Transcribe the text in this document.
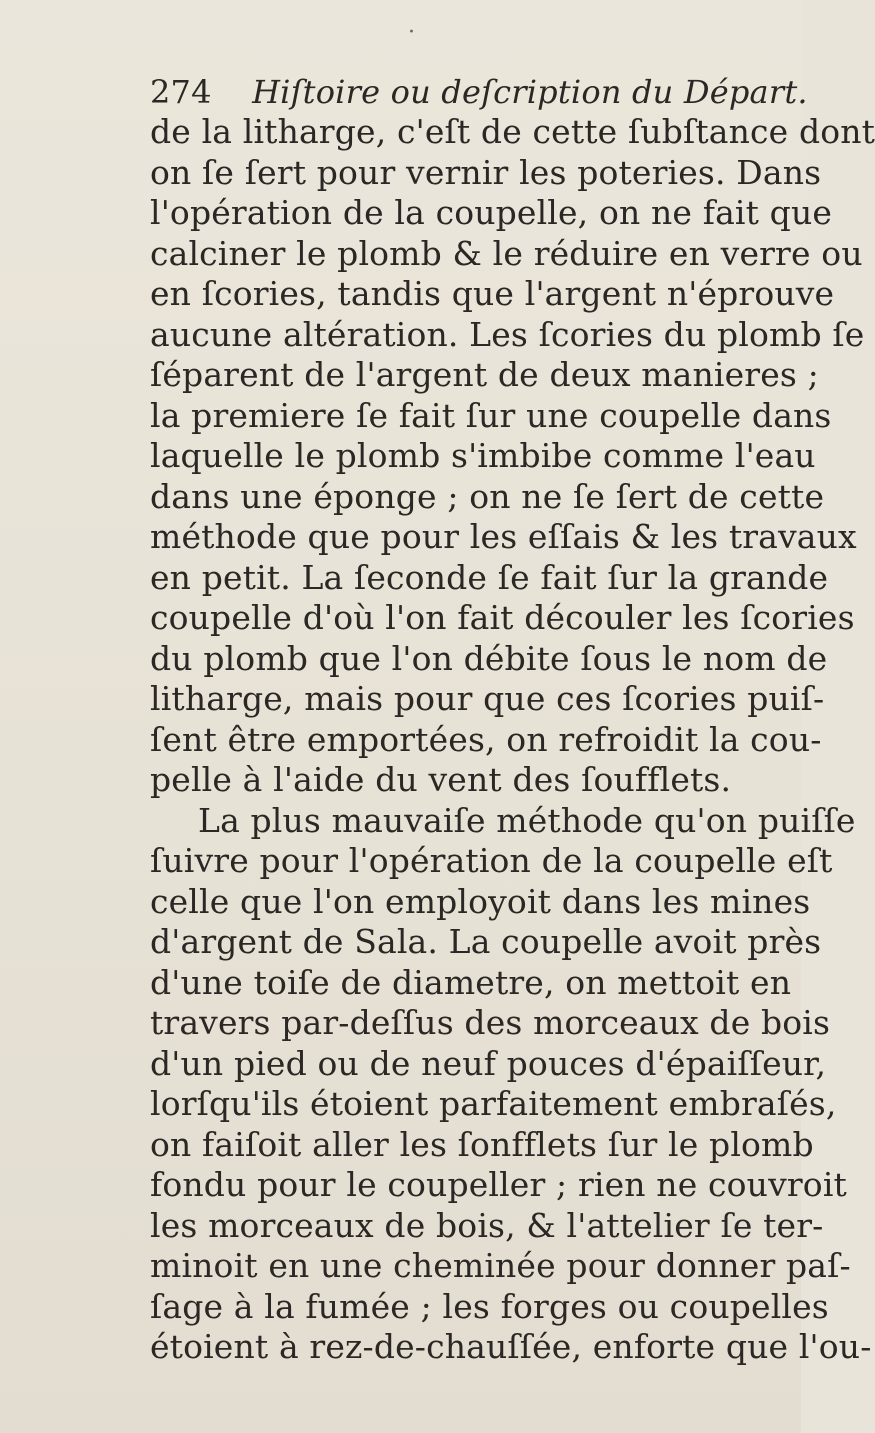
·
274 Hiſtoire ou deſcription du Départ.
de la litharge, c'eſt de cette ſubſtance dont
on ſe ſert pour vernir les poteries. Dans
l'opération de la coupelle, on ne fait que
calciner le plomb & le réduire en verre ou
en ſcories, tandis que l'argent n'éprouve
aucune altération. Les ſcories du plomb ſe
ſéparent de l'argent de deux manieres ;
la premiere ſe fait ſur une coupelle dans
laquelle le plomb s'imbibe comme l'eau
dans une éponge ; on ne ſe ſert de cette
méthode que pour les eſſais & les travaux
en petit. La ſeconde ſe fait ſur la grande
coupelle d'où l'on fait découler les ſcories
du plomb que l'on débite ſous le nom de
litharge, mais pour que ces ſcories puiſ-
ſent être emportées, on refroidit la cou-
pelle à l'aide du vent des ſoufflets.
La plus mauvaiſe méthode qu'on puiſſe
ſuivre pour l'opération de la coupelle eſt
celle que l'on employoit dans les mines
d'argent de Sala. La coupelle avoit près
d'une toiſe de diametre, on mettoit en
travers par-deſſus des morceaux de bois
d'un pied ou de neuf pouces d'épaiſſeur,
lorſqu'ils étoient parfaitement embraſés,
on faiſoit aller les ſonfflets ſur le plomb
fondu pour le coupeller ; rien ne couvroit
les morceaux de bois, & l'attelier ſe ter-
minoit en une cheminée pour donner paſ-
ſage à la fumée ; les forges ou coupelles
étoient à rez-de-chauſſée, enforte que l'ou-
